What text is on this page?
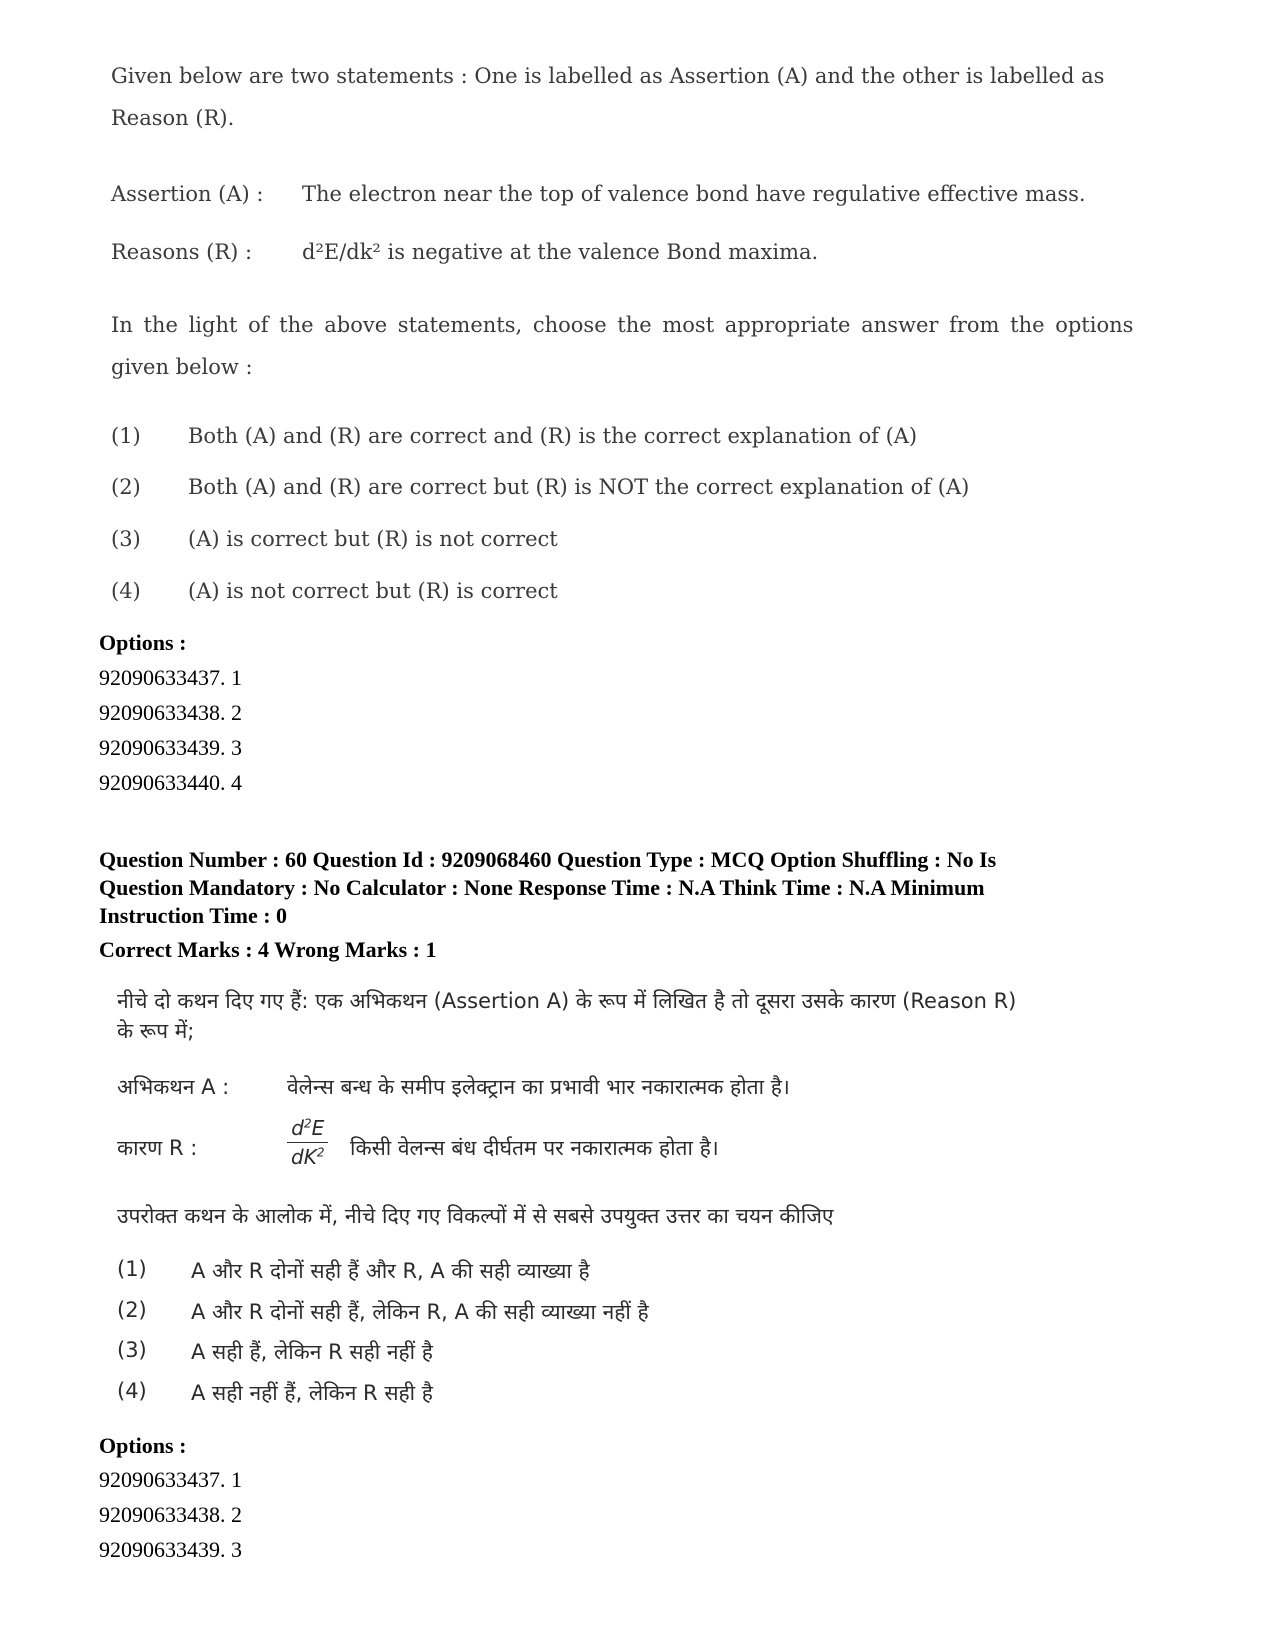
Given below are two statements : One is labelled as Assertion (A) and the other is labelled as
Reason (R).
Assertion (A) : The electron near the top of valence bond have regulative effective mass.
Reasons (R) : d²E/dk² is negative at the valence Bond maxima.
In the light of the above statements, choose the most appropriate answer from the options
given below :
(1) Both (A) and (R) are correct and (R) is the correct explanation of (A)
(2) Both (A) and (R) are correct but (R) is NOT the correct explanation of (A)
(3) (A) is correct but (R) is not correct
(4) (A) is not correct but (R) is correct
Options :
92090633437. 1
92090633438. 2
92090633439. 3
92090633440. 4
Question Number : 60 Question Id : 9209068460 Question Type : MCQ Option Shuffling : No Is
Question Mandatory : No Calculator : None Response Time : N.A Think Time : N.A Minimum
Instruction Time : 0
Correct Marks : 4 Wrong Marks : 1
नीचे दो कथन दिए गए हैं: एक अभिकथन (Assertion A) के रूप में लिखित है तो दूसरा उसके कारण (Reason R)
के रूप में;
अभिकथन A :	वेलेन्स बन्ध के समीप इलेक्ट्रान का प्रभावी भार नकारात्मक होता है।
कारण R :	$\frac{d^2E}{dK^2}$ किसी वेलन्स बंध दीर्घतम पर नकारात्मक होता है।
उपरोक्त कथन के आलोक में, नीचे दिए गए विकल्पों में से सबसे उपयुक्त उत्तर का चयन कीजिए
(1) A और R दोनों सही हैं और R, A की सही व्याख्या है
(2) A और R दोनों सही हैं, लेकिन R, A की सही व्याख्या नहीं है
(3) A सही हैं, लेकिन R सही नहीं है
(4) A सही नहीं हैं, लेकिन R सही है
Options :
92090633437. 1
92090633438. 2
92090633439. 3
